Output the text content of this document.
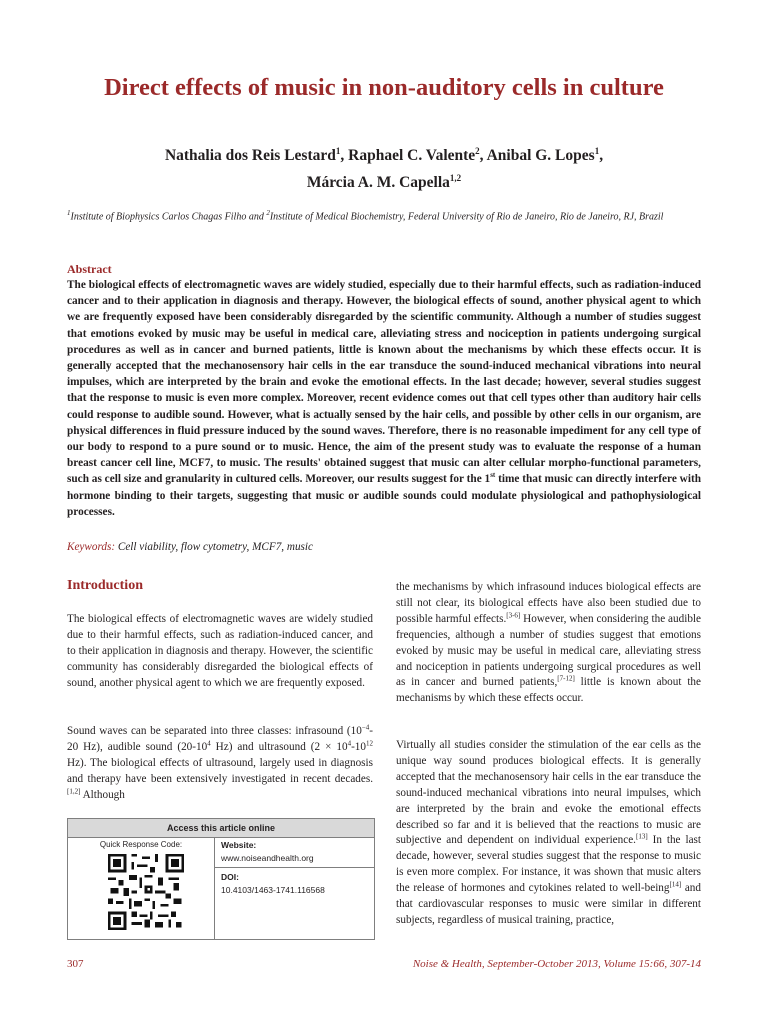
Direct effects of music in non-auditory cells in culture
Nathalia dos Reis Lestard$^1$, Raphael C. Valente$^2$, Anibal G. Lopes$^1$,
Márcia A. M. Capella$^{1,2}$
$^1$Institute of Biophysics Carlos Chagas Filho and $^2$Institute of Medical Biochemistry, Federal University of Rio de Janeiro, Rio de Janeiro, RJ, Brazil
Abstract
The biological effects of electromagnetic waves are widely studied, especially due to their harmful effects, such as radiation-induced cancer and to their application in diagnosis and therapy. However, the biological effects of sound, another physical agent to which we are frequently exposed have been considerably disregarded by the scientific community. Although a number of studies suggest that emotions evoked by music may be useful in medical care, alleviating stress and nociception in patients undergoing surgical procedures as well as in cancer and burned patients, little is known about the mechanisms by which these effects occur. It is generally accepted that the mechanosensory hair cells in the ear transduce the sound-induced mechanical vibrations into neural impulses, which are interpreted by the brain and evoke the emotional effects. In the last decade; however, several studies suggest that the response to music is even more complex. Moreover, recent evidence comes out that cell types other than auditory hair cells could response to audible sound. However, what is actually sensed by the hair cells, and possible by other cells in our organism, are physical differences in fluid pressure induced by the sound waves. Therefore, there is no reasonable impediment for any cell type of our body to respond to a pure sound or to music. Hence, the aim of the present study was to evaluate the response of a human breast cancer cell line, MCF7, to music. The results' obtained suggest that music can alter cellular morpho-functional parameters, such as cell size and granularity in cultured cells. Moreover, our results suggest for the 1st time that music can directly interfere with hormone binding to their targets, suggesting that music or audible sounds could modulate physiological and pathophysiological processes.
Keywords: Cell viability, flow cytometry, MCF7, music
Introduction
The biological effects of electromagnetic waves are widely studied due to their harmful effects, such as radiation-induced cancer, and to their application in diagnosis and therapy. However, the scientific community has considerably disregarded the biological effects of sound, another physical agent to which we are frequently exposed.
Sound waves can be separated into three classes: infrasound ($10^{-4}-20$ Hz), audible sound ($20-10^4$ Hz) and ultrasound ($2 \times 10^4-10^{12}$ Hz). The biological effects of ultrasound, largely used in diagnosis and therapy have been extensively investigated in recent decades.[1,2] Although
Access this article online
Quick Response Code:	Website:
www.noiseandhealth.org
DOI:
10.4103/1463-1741.116568
the mechanisms by which infrasound induces biological effects are still not clear, its biological effects have also been studied due to possible harmful effects.[3-6] However, when considering the audible frequencies, although a number of studies suggest that emotions evoked by music may be useful in medical care, alleviating stress and nociception in patients undergoing surgical procedures as well as in cancer and burned patients,[7-12] little is known about the mechanisms by which these effects occur.
Virtually all studies consider the stimulation of the ear cells as the unique way sound produces biological effects. It is generally accepted that the mechanosensory hair cells in the ear transduce the sound-induced mechanical vibrations into neural impulses, which are interpreted by the brain and evoke the emotional effects described so far and it is believed that the reactions to music are subjective and dependent on individual experience.[13] In the last decade, however, several studies suggest that the response to music is even more complex. For instance, it was shown that music alters the release of hormones and cytokines related to well-being[14] and that cardiovascular responses to music were similar in different subjects, regardless of musical training, practice,
307	Noise & Health, September-October 2013, Volume 15:66, 307-14
